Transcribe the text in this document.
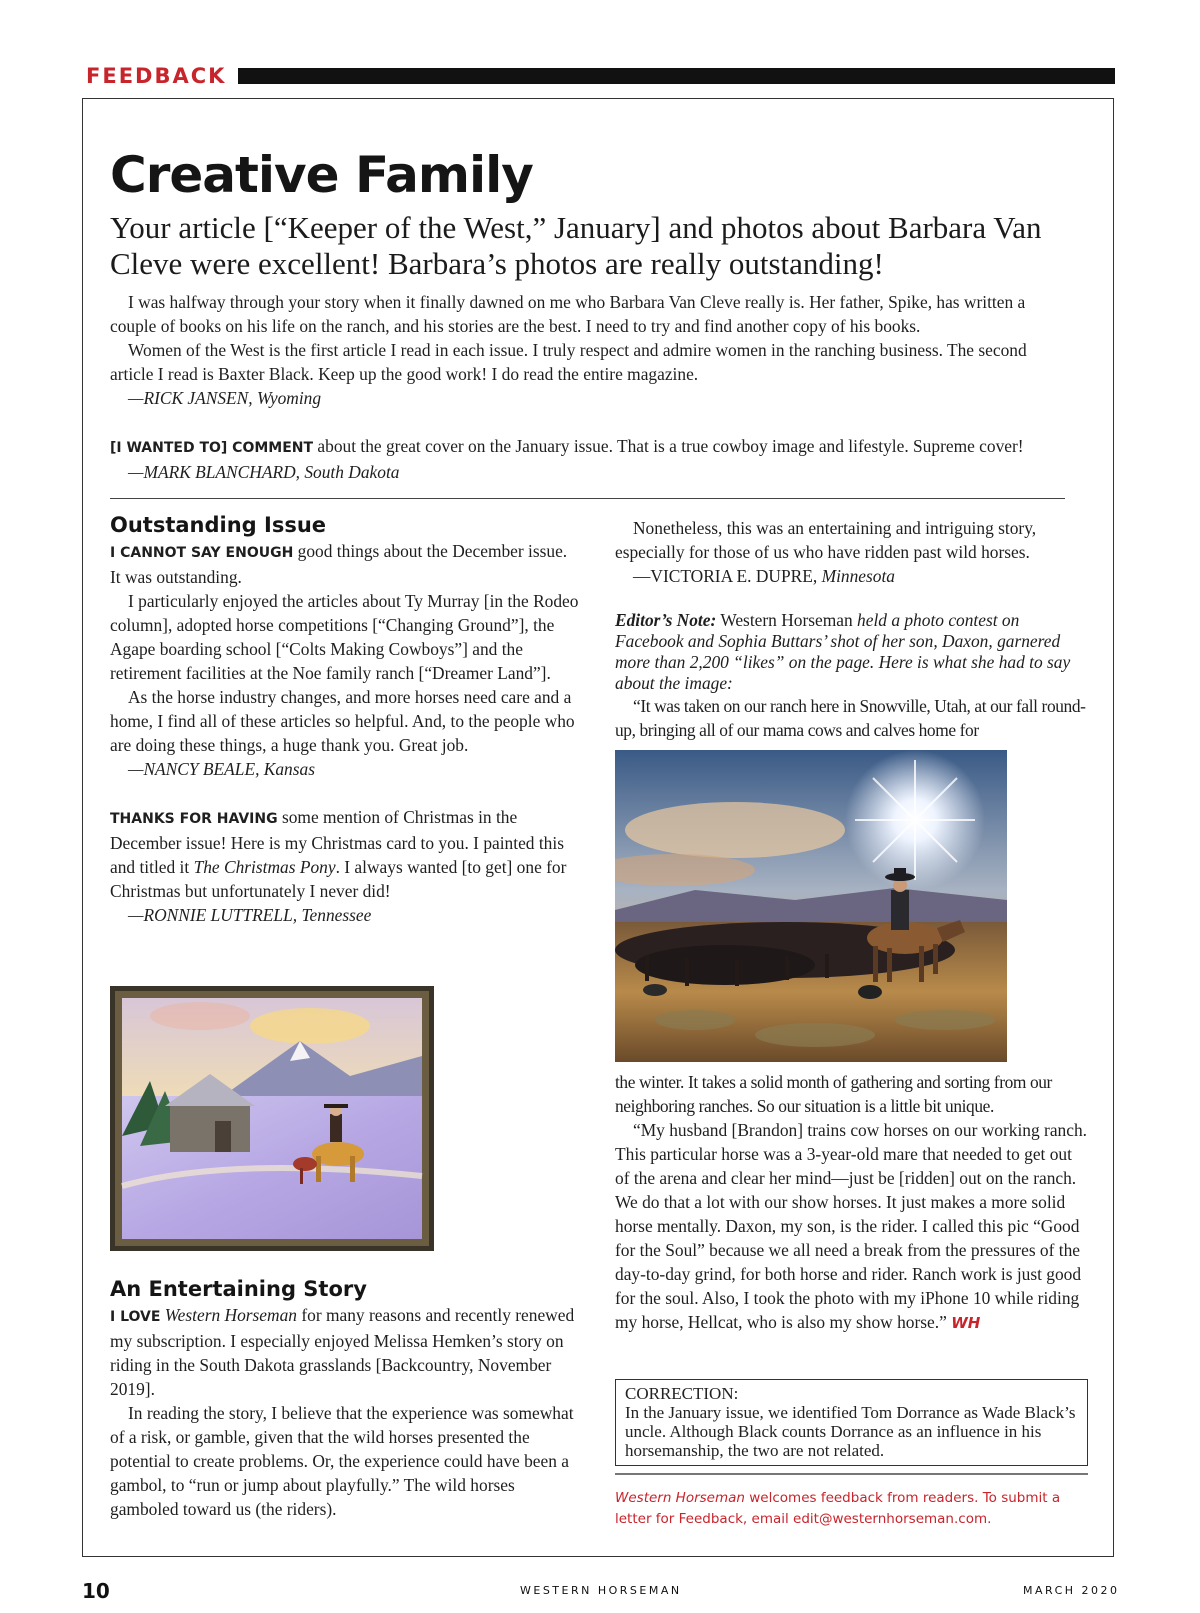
FEEDBACK
Creative Family
Your article [“Keeper of the West,” January] and photos about Barbara Van Cleve were excellent! Barbara’s photos are really outstanding!

I was halfway through your story when it finally dawned on me who Barbara Van Cleve really is. Her father, Spike, has written a couple of books on his life on the ranch, and his stories are the best. I need to try and find another copy of his books.

Women of the West is the first article I read in each issue. I truly respect and admire women in the ranching business. The second article I read is Baxter Black. Keep up the good work! I do read the entire magazine.

—RICK JANSEN, Wyoming

[I WANTED TO] COMMENT about the great cover on the January issue. That is a true cowboy image and lifestyle. Supreme cover!

—MARK BLANCHARD, South Dakota

Outstanding Issue

I CANNOT SAY ENOUGH good things about the December issue. It was outstanding.

I particularly enjoyed the articles about Ty Murray [in the Rodeo column], adopted horse competitions [“Changing Ground”], the Agape boarding school [“Colts Making Cowboys”] and the retirement facilities at the Noe family ranch [“Dreamer Land”].

As the horse industry changes, and more horses need care and a home, I find all of these articles so helpful. And, to the people who are doing these things, a huge thank you. Great job.

—NANCY BEALE, Kansas

THANKS FOR HAVING some mention of Christmas in the December issue! Here is my Christmas card to you. I painted this and titled it The Christmas Pony. I always wanted [to get] one for Christmas but unfortunately I never did!

—RONNIE LUTTRELL, Tennessee

An Entertaining Story

I LOVE Western Horseman for many reasons and recently renewed my subscription. I especially enjoyed Melissa Hemken’s story on riding in the South Dakota grasslands [Backcountry, November 2019].

In reading the story, I believe that the experience was somewhat of a risk, or gamble, given that the wild horses presented the potential to create problems. Or, the experience could have been a gambol, to “run or jump about playfully.” The wild horses gamboled toward us (the riders).

Nonetheless, this was an entertaining and intriguing story, especially for those of us who have ridden past wild horses.

—VICTORIA E. DUPRE, Minnesota

Editor’s Note: Western Horseman held a photo contest on Facebook and Sophia Buttars’ shot of her son, Daxon, garnered more than 2,200 “likes” on the page. Here is what she had to say about the image:

“It was taken on our ranch here in Snowville, Utah, at our fall round-up, bringing all of our mama cows and calves home for

the winter. It takes a solid month of gathering and sorting from our neighboring ranches. So our situation is a little bit unique.

“My husband [Brandon] trains cow horses on our working ranch. This particular horse was a 3-year-old mare that needed to get out of the arena and clear her mind—just be [ridden] out on the ranch. We do that a lot with our show horses. It just makes a more solid horse mentally. Daxon, my son, is the rider. I called this pic “Good for the Soul” because we all need a break from the pressures of the day-to-day grind, for both horse and rider. Ranch work is just good for the soul. Also, I took the photo with my iPhone 10 while riding my horse, Hellcat, who is also my show horse.” WH

CORRECTION:

In the January issue, we identified Tom Dorrance as Wade Black’s uncle. Although Black counts Dorrance as an influence in his horsemanship, the two are not related.

Western Horseman welcomes feedback from readers. To submit a letter for Feedback, email edit@westernhorseman.com.
10	WESTERN HORSEMAN	MARCH 2020
